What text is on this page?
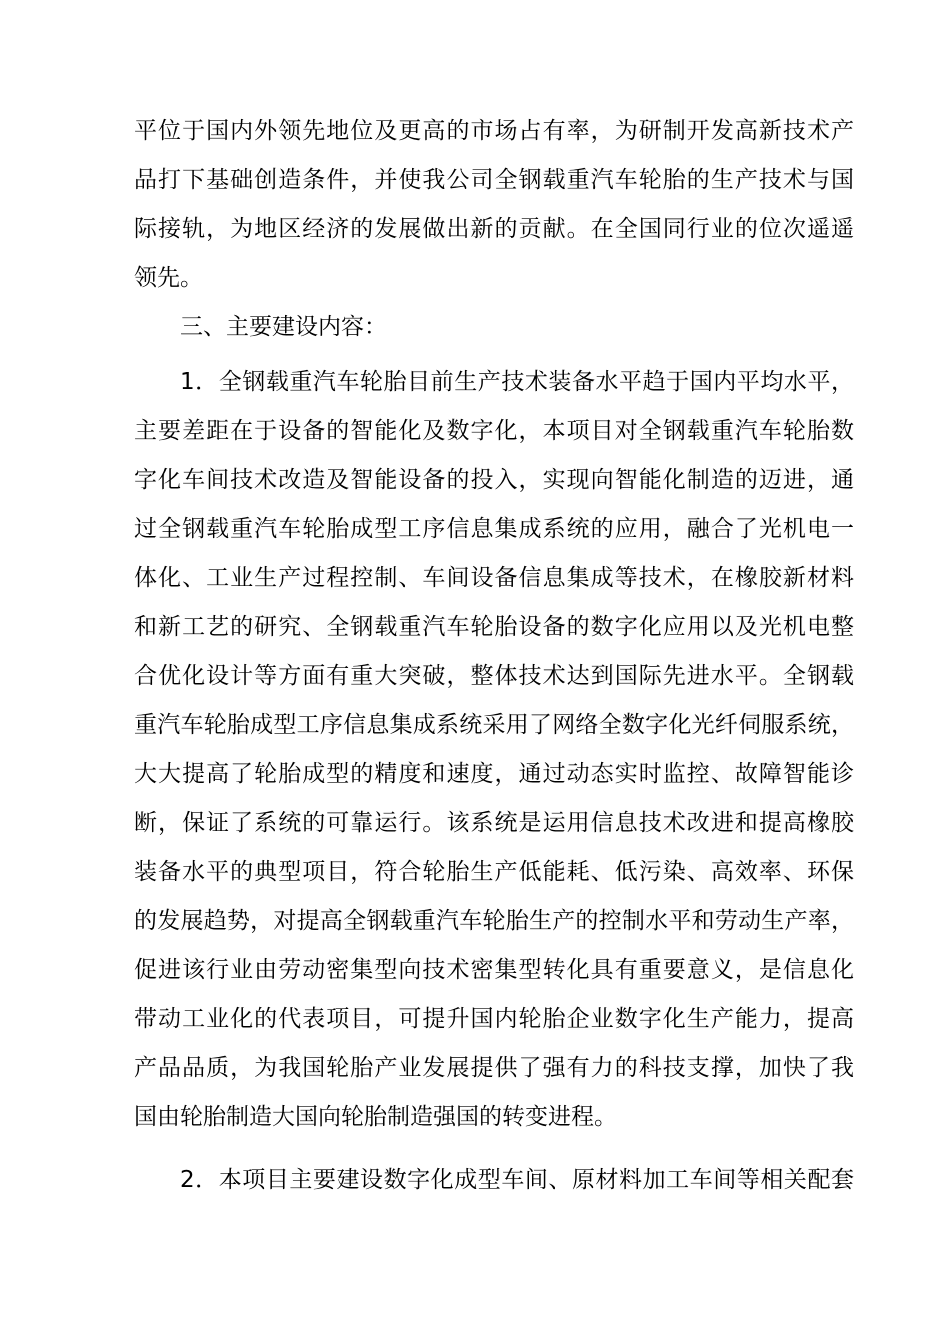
平位于国内外领先地位及更高的市场占有率，为研制开发高新技术产
品打下基础创造条件，并使我公司全钢载重汽车轮胎的生产技术与国
际接轨，为地区经济的发展做出新的贡献。在全国同行业的位次遥遥
领先。
三、主要建设内容：
1．全钢载重汽车轮胎目前生产技术装备水平趋于国内平均水平，
主要差距在于设备的智能化及数字化，本项目对全钢载重汽车轮胎数
字化车间技术改造及智能设备的投入，实现向智能化制造的迈进，通
过全钢载重汽车轮胎成型工序信息集成系统的应用，融合了光机电一
体化、工业生产过程控制、车间设备信息集成等技术，在橡胶新材料
和新工艺的研究、全钢载重汽车轮胎设备的数字化应用以及光机电整
合优化设计等方面有重大突破，整体技术达到国际先进水平。全钢载
重汽车轮胎成型工序信息集成系统采用了网络全数字化光纤伺服系统，
大大提高了轮胎成型的精度和速度，通过动态实时监控、故障智能诊
断，保证了系统的可靠运行。该系统是运用信息技术改进和提高橡胶
装备水平的典型项目，符合轮胎生产低能耗、低污染、高效率、环保
的发展趋势，对提高全钢载重汽车轮胎生产的控制水平和劳动生产率，
促进该行业由劳动密集型向技术密集型转化具有重要意义，是信息化
带动工业化的代表项目，可提升国内轮胎企业数字化生产能力，提高
产品品质，为我国轮胎产业发展提供了强有力的科技支撑，加快了我
国由轮胎制造大国向轮胎制造强国的转变进程。
2．本项目主要建设数字化成型车间、原材料加工车间等相关配套
